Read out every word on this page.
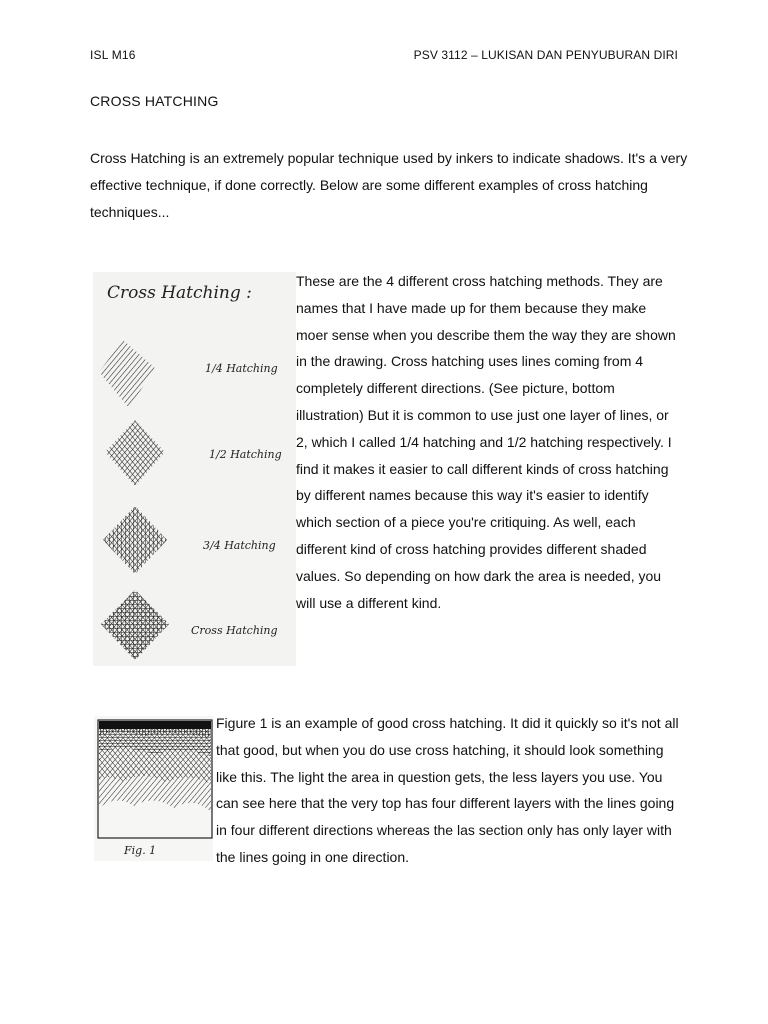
ISL M16	PSV 3112 – LUKISAN DAN PENYUBURAN DIRI
CROSS HATCHING
Cross Hatching is an extremely popular technique used by inkers to indicate shadows. It's a very effective technique, if done correctly. Below are some different examples of cross hatching techniques...
Cross Hatching :
1/4 Hatching
1/2 Hatching
3/4 Hatching
Cross Hatching
These are the 4 different cross hatching methods. They are names that I have made up for them because they make moer sense when you describe them the way they are shown in the drawing. Cross hatching uses lines coming from 4 completely different directions. (See picture, bottom illustration) But it is common to use just one layer of lines, or 2, which I called 1/4 hatching and 1/2 hatching respectively. I find it makes it easier to call different kinds of cross hatching by different names because this way it's easier to identify which section of a piece you're critiquing. As well, each different kind of cross hatching provides different shaded values. So depending on how dark the area is needed, you will use a different kind.
Fig. 1
Figure 1 is an example of good cross hatching. It did it quickly so it's not all that good, but when you do use cross hatching, it should look something like this. The light the area in question gets, the less layers you use. You can see here that the very top has four different layers with the lines going in four different directions whereas the las section only has only layer with the lines going in one direction.
